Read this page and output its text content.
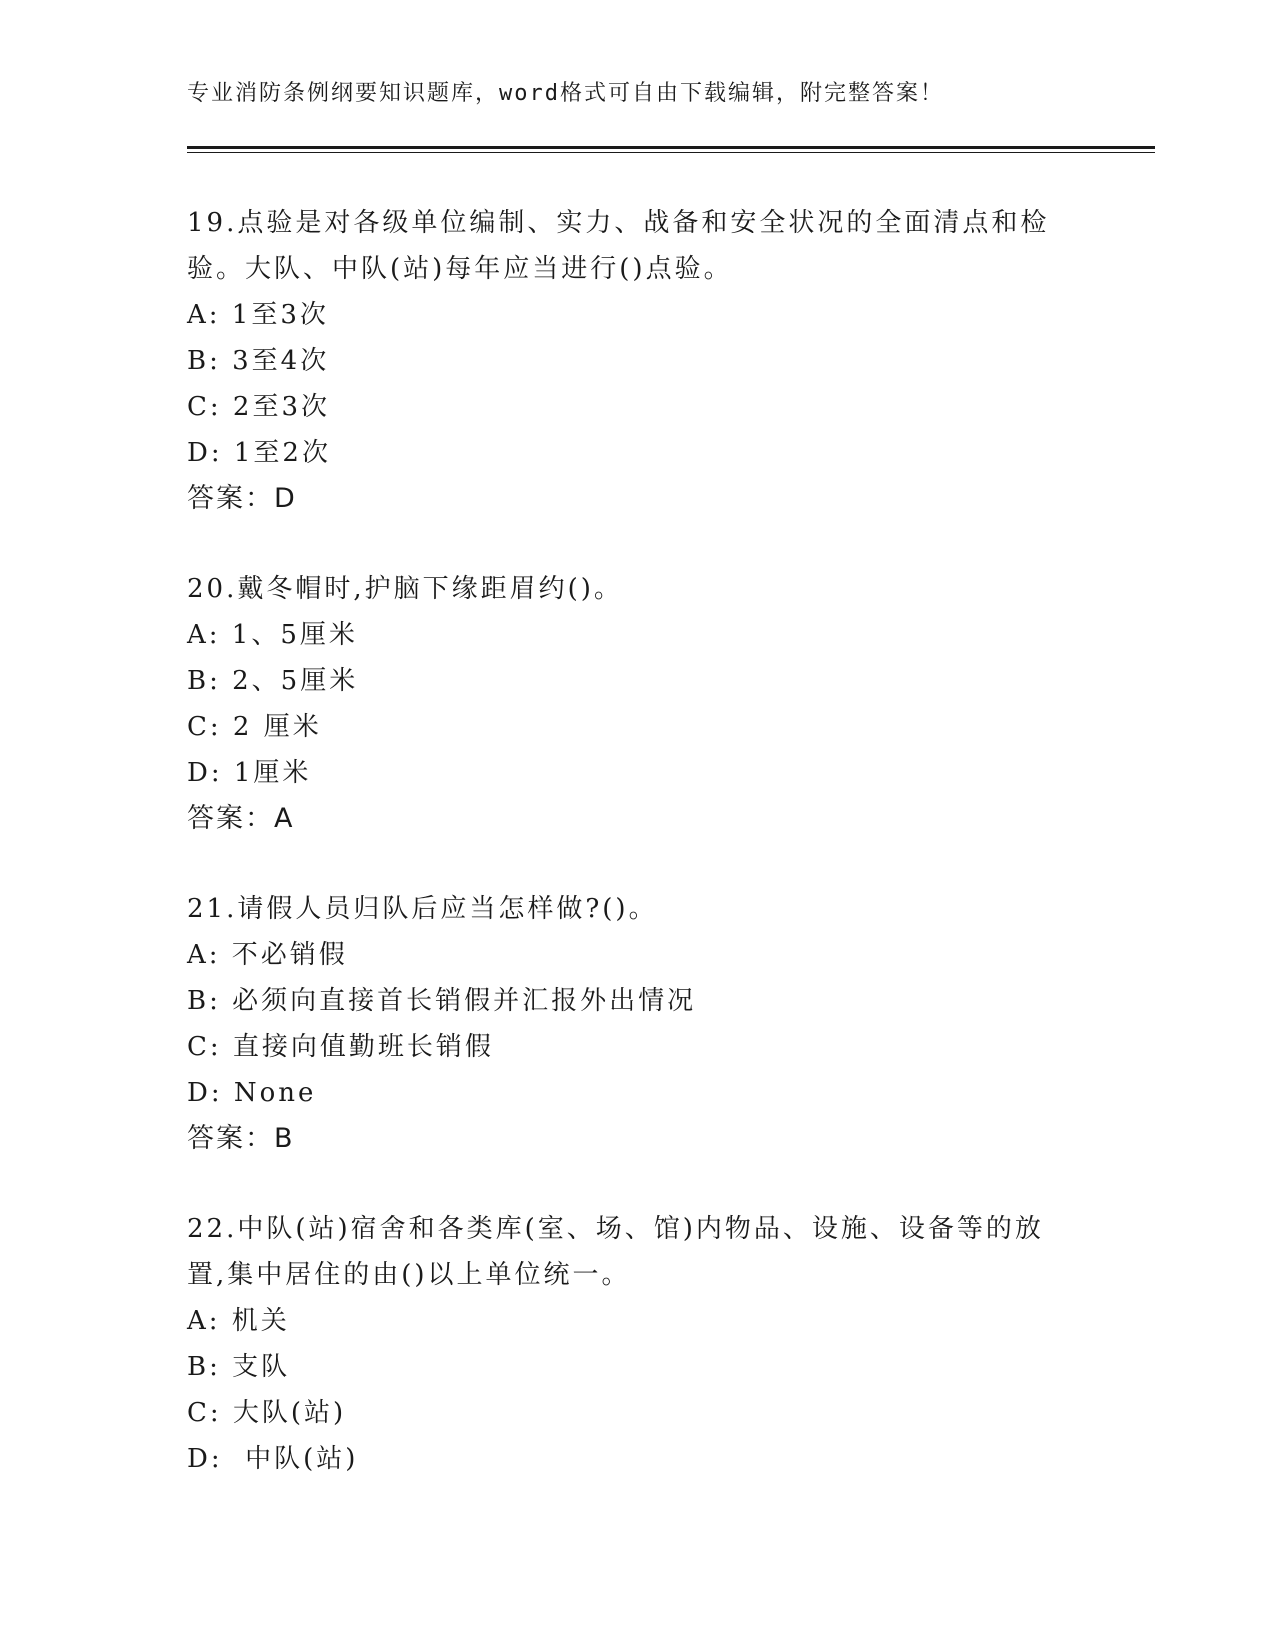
专业消防条例纲要知识题库，word格式可自由下载编辑，附完整答案！
19.点验是对各级单位编制、实力、战备和安全状况的全面清点和检验。大队、中队(站)每年应当进行()点验。
A: 1至3次
B: 3至4次
C: 2至3次
D: 1至2次
答案：D
20.戴冬帽时,护脑下缘距眉约()。
A: 1、5厘米
B: 2、5厘米
C: 2 厘米
D: 1厘米
答案：A
21.请假人员归队后应当怎样做?()。
A: 不必销假
B: 必须向直接首长销假并汇报外出情况
C: 直接向值勤班长销假
D: None
答案：B
22.中队(站)宿舍和各类库(室、场、馆)内物品、设施、设备等的放置,集中居住的由()以上单位统一。
A: 机关
B: 支队
C: 大队(站)
D:  中队(站)
